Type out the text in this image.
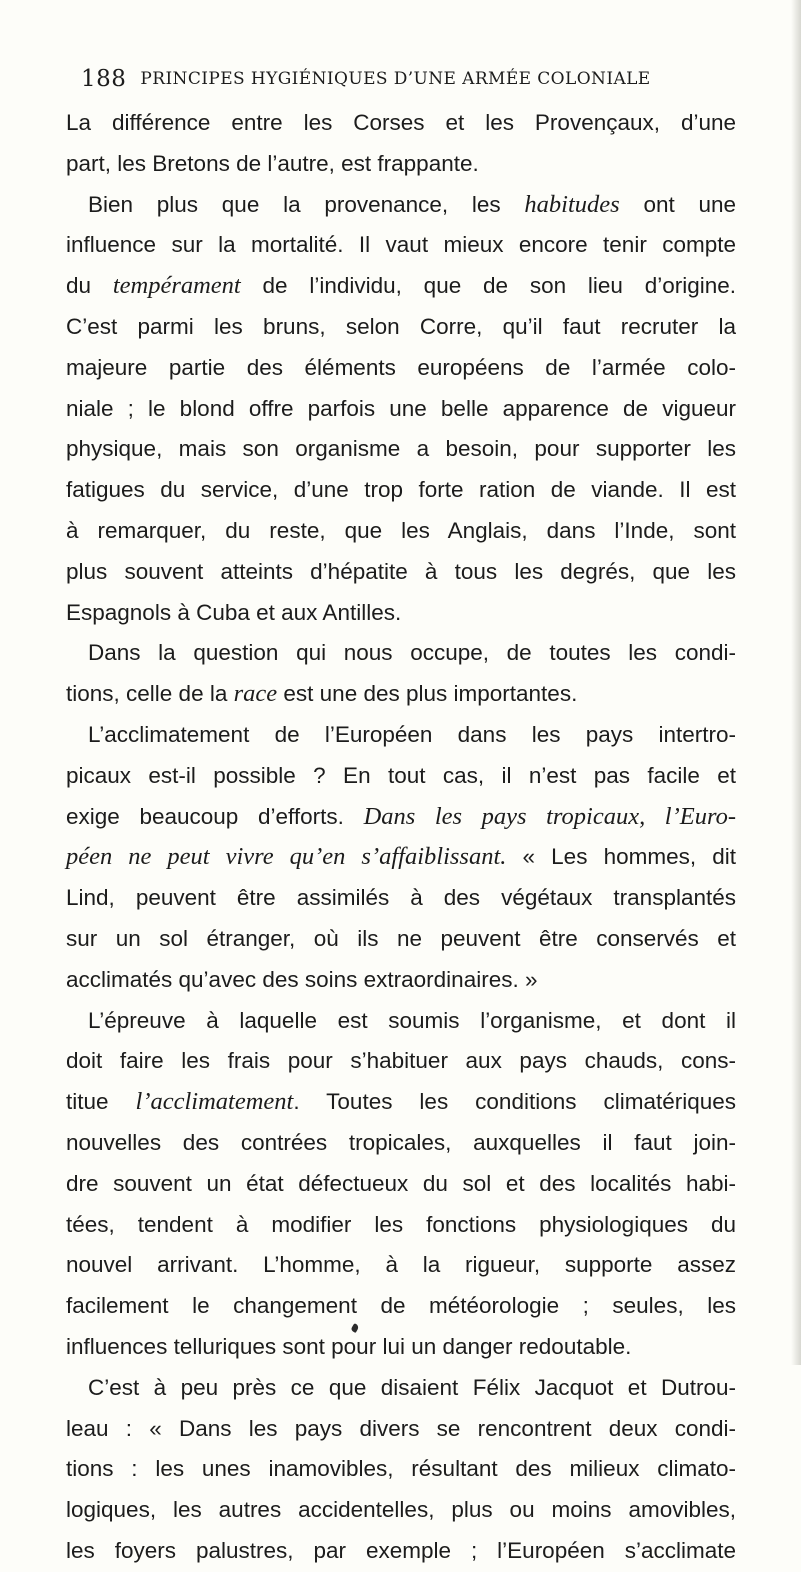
188 PRINCIPES HYGIÉNIQUES D’UNE ARMÉE COLONIALE
La différence entre les Corses et les Provençaux, d’une
part, les Bretons de l’autre, est frappante.
Bien plus que la provenance, les habitudes ont une
influence sur la mortalité. Il vaut mieux encore tenir compte
du tempérament de l’individu, que de son lieu d’origine.
C’est parmi les bruns, selon Corre, qu’il faut recruter la
majeure partie des éléments européens de l’armée colo-
niale ; le blond offre parfois une belle apparence de vigueur
physique, mais son organisme a besoin, pour supporter les
fatigues du service, d’une trop forte ration de viande. Il est
à remarquer, du reste, que les Anglais, dans l’Inde, sont
plus souvent atteints d’hépatite à tous les degrés, que les
Espagnols à Cuba et aux Antilles.
Dans la question qui nous occupe, de toutes les condi-
tions, celle de la race est une des plus importantes.
L’acclimatement de l’Européen dans les pays intertro-
picaux est-il possible ? En tout cas, il n’est pas facile et
exige beaucoup d’efforts. Dans les pays tropicaux, l’Euro-
péen ne peut vivre qu’en s’affaiblissant. « Les hommes, dit
Lind, peuvent être assimilés à des végétaux transplantés
sur un sol étranger, où ils ne peuvent être conservés et
acclimatés qu’avec des soins extraordinaires. »
L’épreuve à laquelle est soumis l’organisme, et dont il
doit faire les frais pour s’habituer aux pays chauds, cons-
titue l’acclimatement. Toutes les conditions climatériques
nouvelles des contrées tropicales, auxquelles il faut join-
dre souvent un état défectueux du sol et des localités habi-
tées, tendent à modifier les fonctions physiologiques du
nouvel arrivant. L’homme, à la rigueur, supporte assez
facilement le changement de météorologie ; seules, les
influences telluriques sont pour lui un danger redoutable.
C’est à peu près ce que disaient Félix Jacquot et Dutrou-
leau : « Dans les pays divers se rencontrent deux condi-
tions : les unes inamovibles, résultant des milieux climato-
logiques, les autres accidentelles, plus ou moins amovibles,
les foyers palustres, par exemple ; l’Européen s’acclimate
